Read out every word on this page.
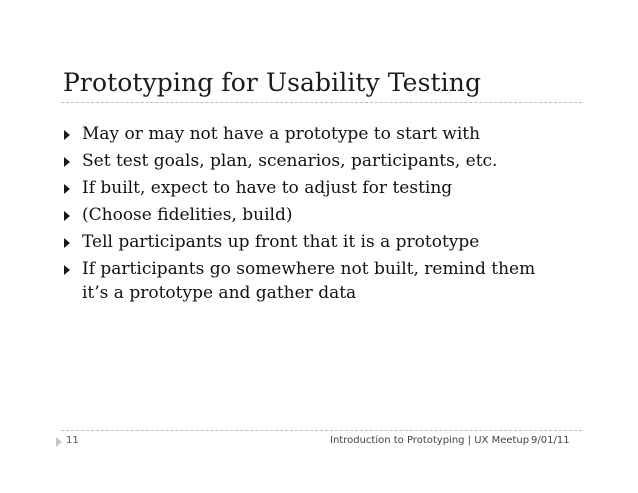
Prototyping for Usability Testing
May or may not have a prototype to start with
Set test goals, plan, scenarios, participants, etc.
If built, expect to have to adjust for testing
(Choose fidelities, build)
Tell participants up front that it is a prototype
If participants go somewhere not built, remind them it’s a prototype and gather data
11	Introduction to Prototyping | UX Meetup 9/01/11
